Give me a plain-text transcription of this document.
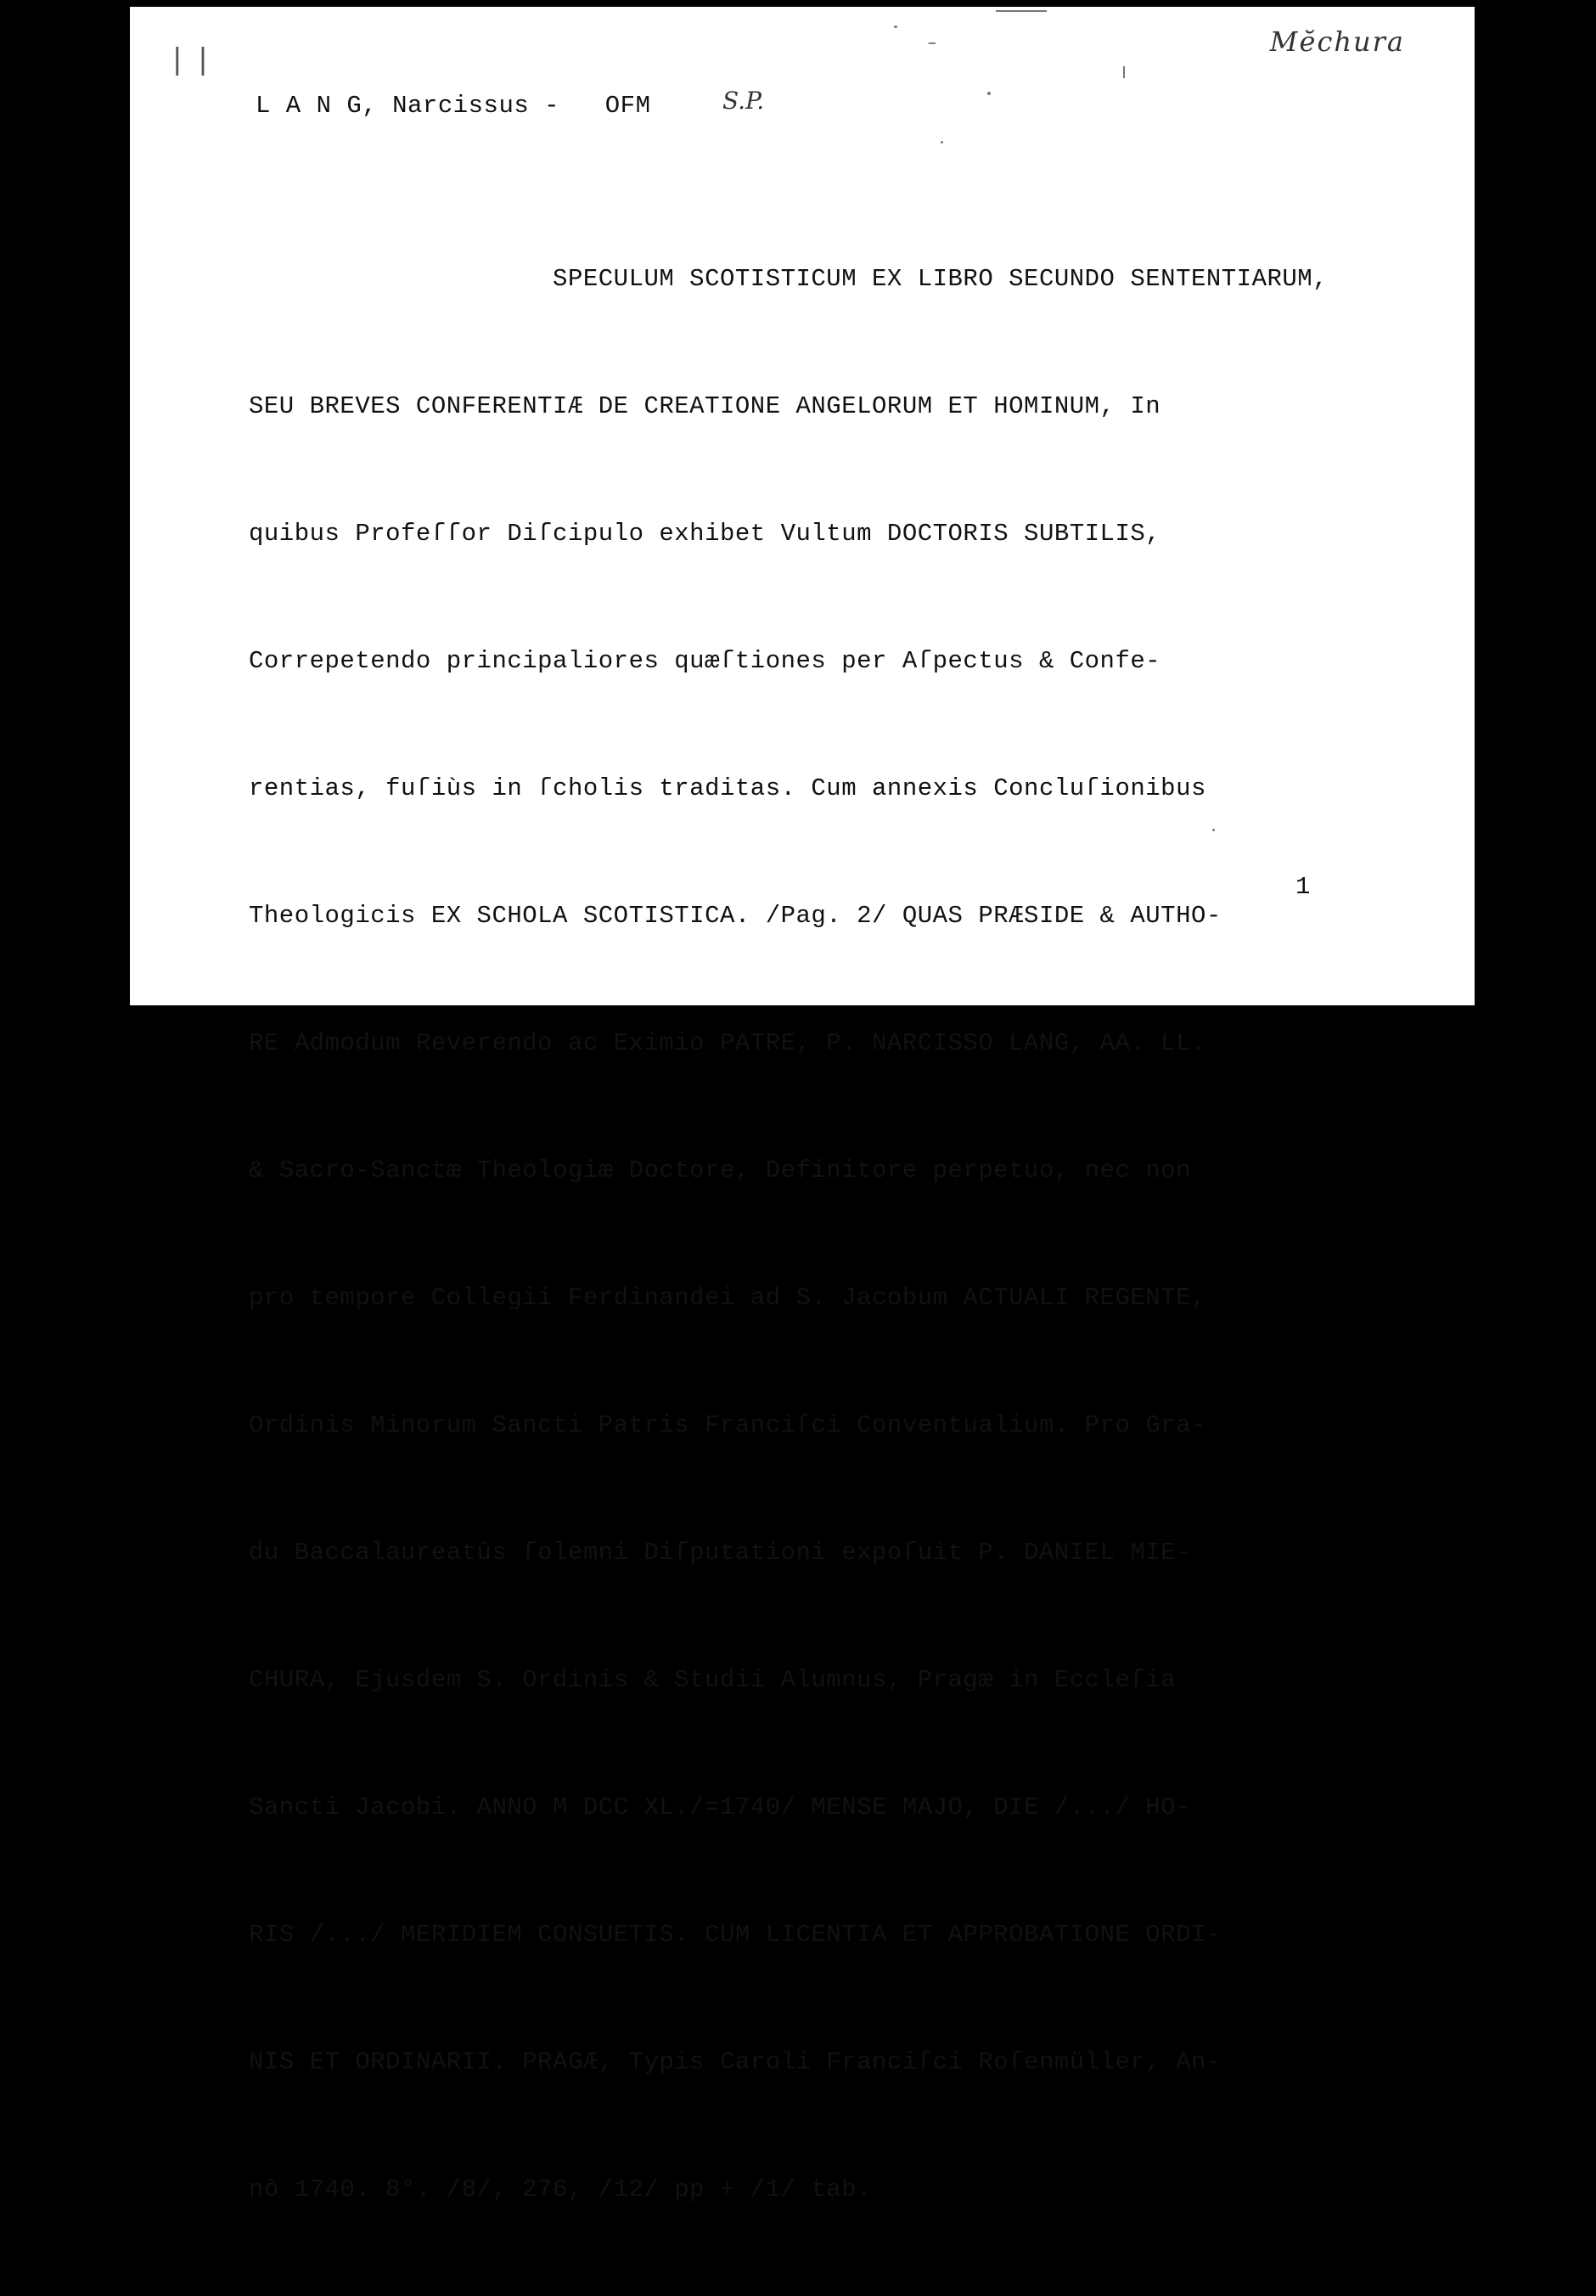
| |
Mĕchura
L A N G, Narcissus -   OFM	S.P.

SPECULUM SCOTISTICUM EX LIBRO SECUNDO SENTENTIARUM,

SEU BREVES CONFERENTIÆ DE CREATIONE ANGELORUM ET HOMINUM, In

quibus Profeſſor Diſcipulo exhibet Vultum DOCTORIS SUBTILIS,

Correpetendo principaliores quæſtiones per Aſpectus & Confe-

rentias, fuſiùs in ſcholis traditas. Cum annexis Concluſionibus

Theologicis EX SCHOLA SCOTISTICA. /Pag. 2/ QUAS PRÆSIDE & AUTHO-

RE Admodum Reverendo ac Eximio PATRE, P. NARCISSO LANG, AA. LL.

& Sacro-Sanctæ Theologiæ Doctore, Definitore perpetuo, nec non

pro tempore Collegii Ferdinandei ad S. Jacobum ACTUALI REGENTE,

Ordinis Minorum Sancti Patris Franciſci Conventualium. Pro Gra-

du Baccalaureatûs ſolemni Diſputationi expoſuit P. DANIEL MIE-

CHURA, Ejusdem S. Ordinis & Studii Alumnus, Pragæ in Eccleſia

Sancti Jacobi. ANNO M DCC XL./=1740/ MENSE MAJO, DIE /.../ HO-

RIS /.../ MERIDIEM CONSUETIS. CUM LICENTIA ET APPROBATIONE ORDI-

NIS ET ORDINARII. PRAGÆ, Typis Caroli Franciſci Roſenmüller, An-

nô 1740. 8°. /8/, 276, /12/ pp + /1/ tab.

1
